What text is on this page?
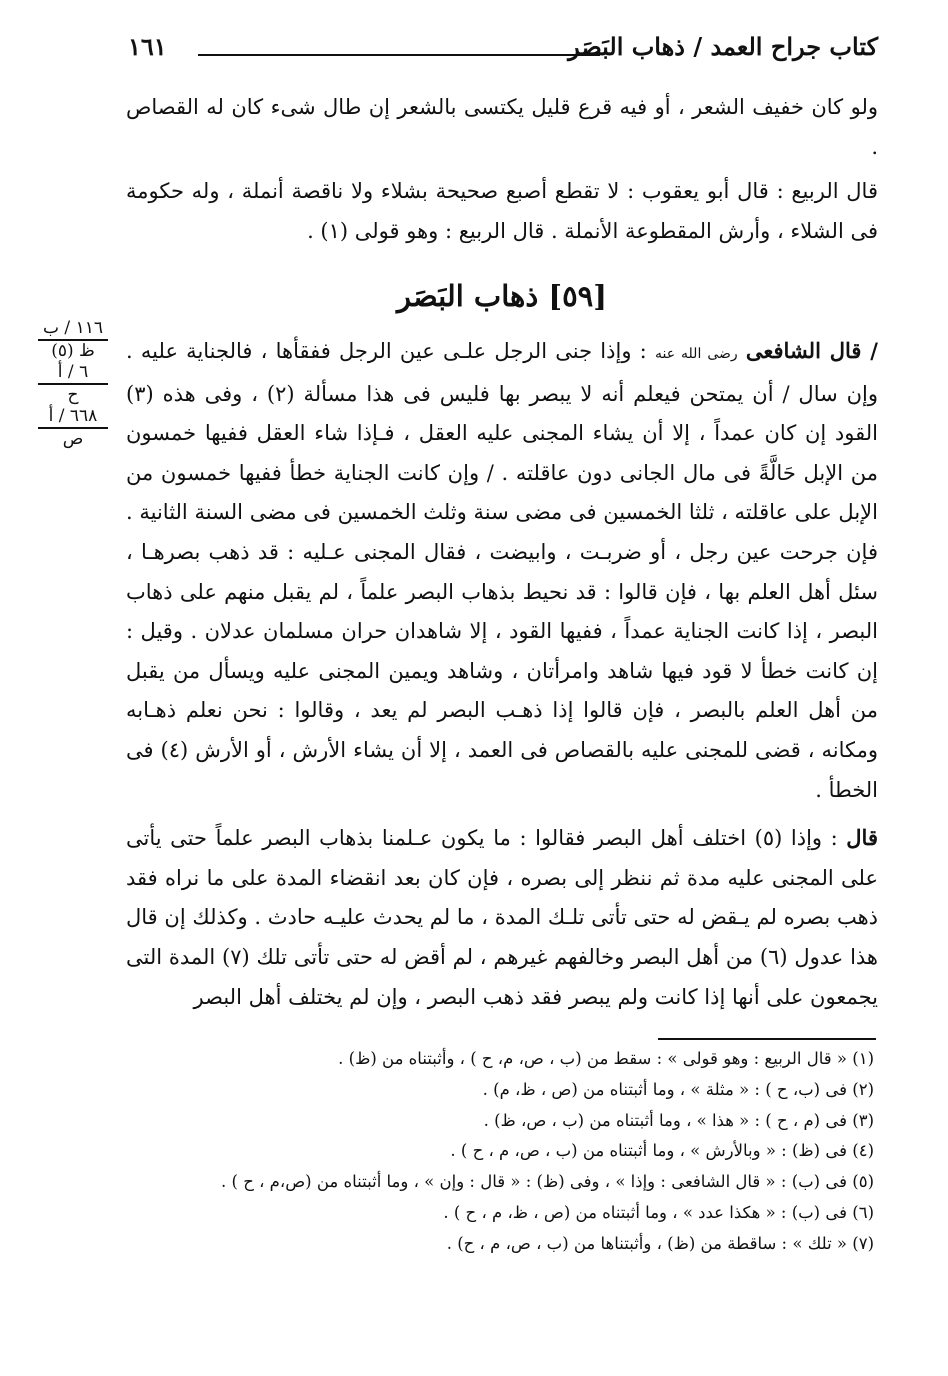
كتاب جراح العمد / ذهاب البَصَر
١٦١

ولو كان خفيف الشعر ، أو فيه قرع قليل يكتسى بالشعر إن طال شىء كان له القصاص .

قال الربيع : قال أبو يعقوب : لا تقطع أصبع صحيحة بشلاء ولا ناقصة أنملة ، وله حكومة فى الشلاء ، وأرش المقطوعة الأنملة . قال الربيع : وهو قولى (١) .

[٥٩] ذهاب البَصَر
١١٦ / ب
ظ (٥)
٦ / أ
ح
٦٦٨ / أ
ص

/ قال الشافعى رضى الله عنه : وإذا جنى الرجل علـى عين الرجل ففقأها ، فالجناية عليه . وإن سال / أن يمتحن فيعلم أنه لا يبصر بها فليس فى هذا مسألة (٢) ، وفى هذه (٣) القود إن كان عمداً ، إلا أن يشاء المجنى عليه العقل ، فـإذا شاء العقل ففيها خمسون من الإبل حَالَّةً فى مال الجانى دون عاقلته . / وإن كانت الجناية خطأ ففيها خمسون من الإبل على عاقلته ، ثلثا الخمسين فى مضى سنة وثلث الخمسين فى مضى السنة الثانية . فإن جرحت عين رجل ، أو ضربـت ، وابيضت ، فقال المجنى عـليه : قد ذهب بصرهـا ، سئل أهل العلم بها ، فإن قالوا : قد نحيط بذهاب البصر علماً ، لم يقبل منهم على ذهاب البصر ، إذا كانت الجناية عمداً ، ففيها القود ، إلا شاهدان حران مسلمان عدلان . وقيل : إن كانت خطأ لا قود فيها شاهد وامرأتان ، وشاهد ويمين المجنى عليه ويسأل من يقبل من أهل العلم بالبصر ، فإن قالوا إذا ذهـب البصر لم يعد ، وقالوا : نحن نعلم ذهـابه ومكانه ، قضى للمجنى عليه بالقصاص فى العمد ، إلا أن يشاء الأرش ، أو الأرش (٤) فى الخطأ .

قال : وإذا (٥) اختلف أهل البصر فقالوا : ما يكون عـلمنا بذهاب البصر علماً حتى يأتى على المجنى عليه مدة ثم ننظر إلى بصره ، فإن كان بعد انقضاء المدة على ما نراه فقد ذهب بصره لم يـقض له حتى تأتى تلـك المدة ، ما لم يحدث عليـه حادث . وكذلك إن قال هذا عدول (٦) من أهل البصر وخالفهم غيرهم ، لم أقض له حتى تأتى تلك (٧) المدة التى يجمعون على أنها إذا كانت ولم يبصر فقد ذهب البصر ، وإن لم يختلف أهل البصر

(١) « قال الربيع : وهو قولى » : سقط من (ب ، ص، م، ح ) ، وأثبتناه من (ظ) .

(٢) فى (ب، ح ) : « مثلة » ، وما أثبتناه من (ص ، ظ، م) .

(٣) فى (م ، ح ) : « هذا » ، وما أثبتناه من (ب ، ص، ظ) .

(٤) فى (ظ) : « وبالأرش » ، وما أثبتناه من (ب ، ص، م ، ح ) .

(٥) فى (ب) : « قال الشافعى : وإذا » ، وفى (ظ) : « قال : وإن » ، وما أثبتناه من (ص،م ، ح ) .

(٦) فى (ب) : « هكذا عدد » ، وما أثبتناه من (ص ، ظ، م ، ح ) .

(٧) « تلك » : ساقطة من (ظ) ، وأثبتناها من (ب ، ص، م ، ح) .
